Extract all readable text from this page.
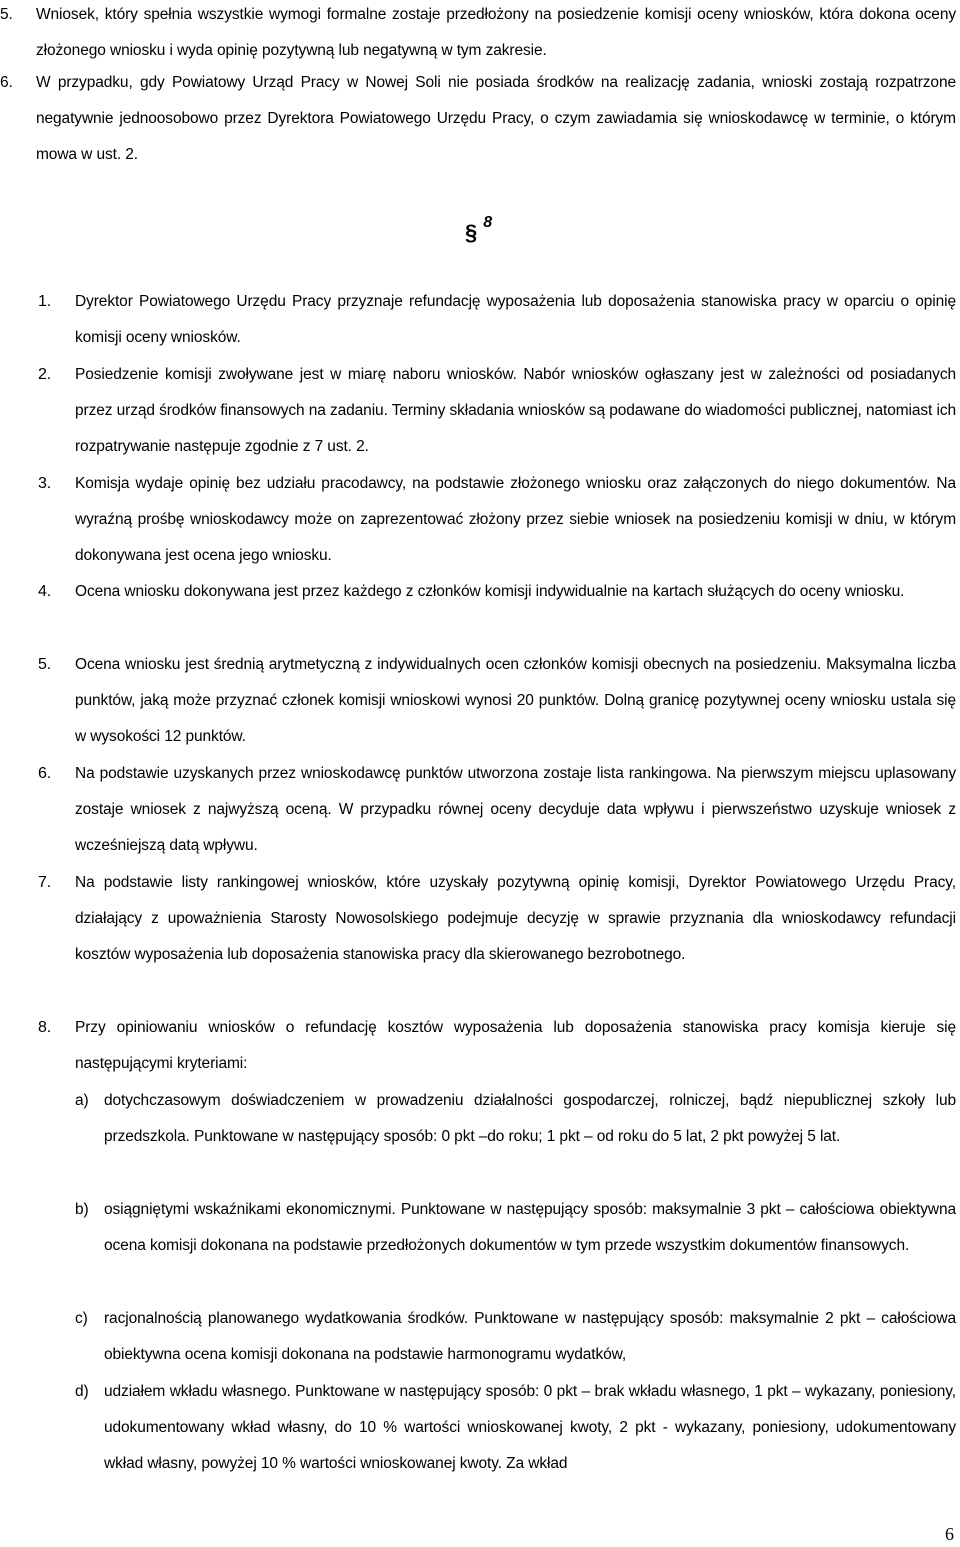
5.	Wniosek, który spełnia wszystkie wymogi formalne zostaje przedłożony na posiedzenie komisji oceny wniosków, która dokona oceny złożonego wniosku i wyda opinię pozytywną lub negatywną w tym zakresie.
6.	W przypadku, gdy Powiatowy Urząd Pracy w Nowej Soli nie posiada środków na realizację zadania, wnioski zostają rozpatrzone negatywnie jednoosobowo przez Dyrektora Powiatowego Urzędu Pracy, o czym zawiadamia się wnioskodawcę w terminie, o którym mowa w ust. 2.
§ 8
1.	Dyrektor Powiatowego Urzędu Pracy przyznaje refundację wyposażenia lub doposażenia stanowiska pracy w oparciu o opinię komisji oceny wniosków.
2.	Posiedzenie komisji zwoływane jest w miarę naboru wniosków. Nabór wniosków ogłaszany jest w zależności od posiadanych przez urząd środków finansowych na zadaniu. Terminy składania wniosków są podawane do wiadomości publicznej, natomiast ich rozpatrywanie następuje zgodnie z 7 ust. 2.
3.	Komisja wydaje opinię bez udziału pracodawcy, na podstawie złożonego wniosku oraz załączonych do niego dokumentów. Na wyraźną prośbę wnioskodawcy może on zaprezentować złożony przez siebie wniosek na posiedzeniu komisji w dniu, w którym dokonywana jest ocena jego wniosku.
4.	Ocena wniosku dokonywana jest przez każdego z członków komisji indywidualnie na kartach służących do oceny wniosku.
5.	Ocena wniosku jest średnią arytmetyczną z indywidualnych ocen członków komisji obecnych na posiedzeniu. Maksymalna liczba punktów, jaką może przyznać członek komisji wnioskowi wynosi 20 punktów. Dolną granicę pozytywnej oceny wniosku ustala się w wysokości 12 punktów.
6.	Na podstawie uzyskanych przez wnioskodawcę punktów utworzona zostaje lista rankingowa. Na pierwszym miejscu uplasowany zostaje wniosek z najwyższą oceną. W przypadku równej oceny decyduje data wpływu i pierwszeństwo uzyskuje wniosek z wcześniejszą datą wpływu.
7.	Na podstawie listy rankingowej wniosków, które uzyskały pozytywną opinię komisji, Dyrektor Powiatowego Urzędu Pracy, działający z upoważnienia Starosty Nowosolskiego podejmuje decyzję w sprawie przyznania dla wnioskodawcy refundacji kosztów wyposażenia lub doposażenia stanowiska pracy dla skierowanego bezrobotnego.
8.	Przy opiniowaniu wniosków o refundację kosztów wyposażenia lub doposażenia stanowiska pracy komisja kieruje się następującymi kryteriami:
a) dotychczasowym doświadczeniem w prowadzeniu działalności gospodarczej, rolniczej, bądź niepublicznej szkoły lub przedszkola. Punktowane w następujący sposób: 0 pkt –do roku; 1 pkt – od roku do 5 lat, 2 pkt powyżej 5 lat.
b) osiągniętymi wskaźnikami ekonomicznymi. Punktowane w następujący sposób: maksymalnie 3 pkt – całościowa obiektywna ocena komisji dokonana na podstawie przedłożonych dokumentów w tym przede wszystkim dokumentów finansowych.
c)	racjonalnością planowanego wydatkowania środków. Punktowane w następujący sposób: maksymalnie 2 pkt – całościowa obiektywna ocena komisji dokonana na podstawie harmonogramu wydatków,
d) udziałem wkładu własnego. Punktowane w następujący sposób: 0 pkt – brak wkładu własnego, 1 pkt – wykazany, poniesiony, udokumentowany wkład własny, do 10 % wartości wnioskowanej kwoty, 2 pkt - wykazany, poniesiony, udokumentowany wkład własny, powyżej 10 % wartości wnioskowanej kwoty. Za wkład
6
